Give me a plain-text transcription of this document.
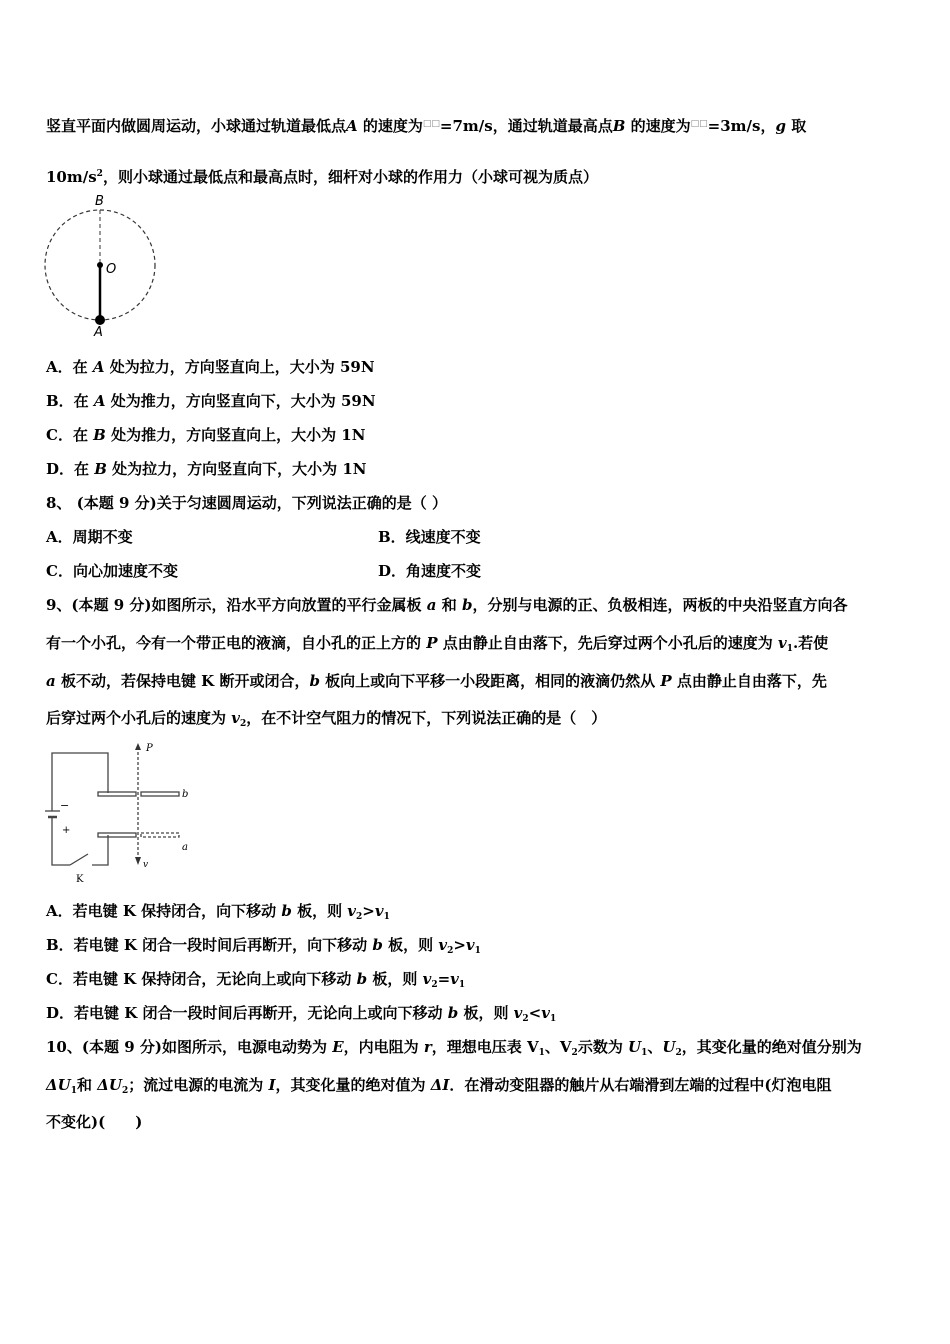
竖直平面内做圆周运动，小球通过轨道最低点A 的速度为□□=7m/s，通过轨道最高点B 的速度为□□=3m/s，g 取
$10m/s^2$，则小球通过最低点和最高点时，细杆对小球的作用力（小球可视为质点）
A．在 A 处为拉力，方向竖直向上，大小为 59N
B．在 A 处为推力，方向竖直向下，大小为 59N
C．在 B 处为推力，方向竖直向上，大小为 1N
D．在 B 处为拉力，方向竖直向下，大小为 1N
8、 (本题 9 分)关于匀速圆周运动，下列说法正确的是（ ）
A．周期不变	B．线速度不变
C．向心加速度不变	D．角速度不变
9、(本题 9 分)如图所示，沿水平方向放置的平行金属板 a 和 b，分别与电源的正、负极相连，两板的中央沿竖直方向各
有一个小孔，今有一个带正电的液滴，自小孔的正上方的 P 点由静止自由落下，先后穿过两个小孔后的速度为 $v_1$.若使
a 板不动，若保持电键 K 断开或闭合，b 板向上或向下平移一小段距离，相同的液滴仍然从 P 点由静止自由落下，先
后穿过两个小孔后的速度为 $v_2$，在不计空气阻力的情况下，下列说法正确的是（　）
A．若电键 K 保持闭合，向下移动 b 板，则 $v_2>v_1$
B．若电键 K 闭合一段时间后再断开，向下移动 b 板，则 $v_2>v_1$
C．若电键 K 保持闭合，无论向上或向下移动 b 板，则 $v_2=v_1$
D．若电键 K 闭合一段时间后再断开，无论向上或向下移动 b 板，则 $v_2<v_1$
10、(本题 9 分)如图所示，电源电动势为 E，内电阻为 r，理想电压表 $V_1$、$V_2$示数为 $U_1$、$U_2$，其变化量的绝对值分别为
$\Delta U_1$和 $\Delta U_2$；流过电源的电流为 I，其变化量的绝对值为 ΔI．在滑动变阻器的触片从右端滑到左端的过程中(灯泡电阻
不变化)(　　)
B
O
A
P
b
a
v
K
−
+
